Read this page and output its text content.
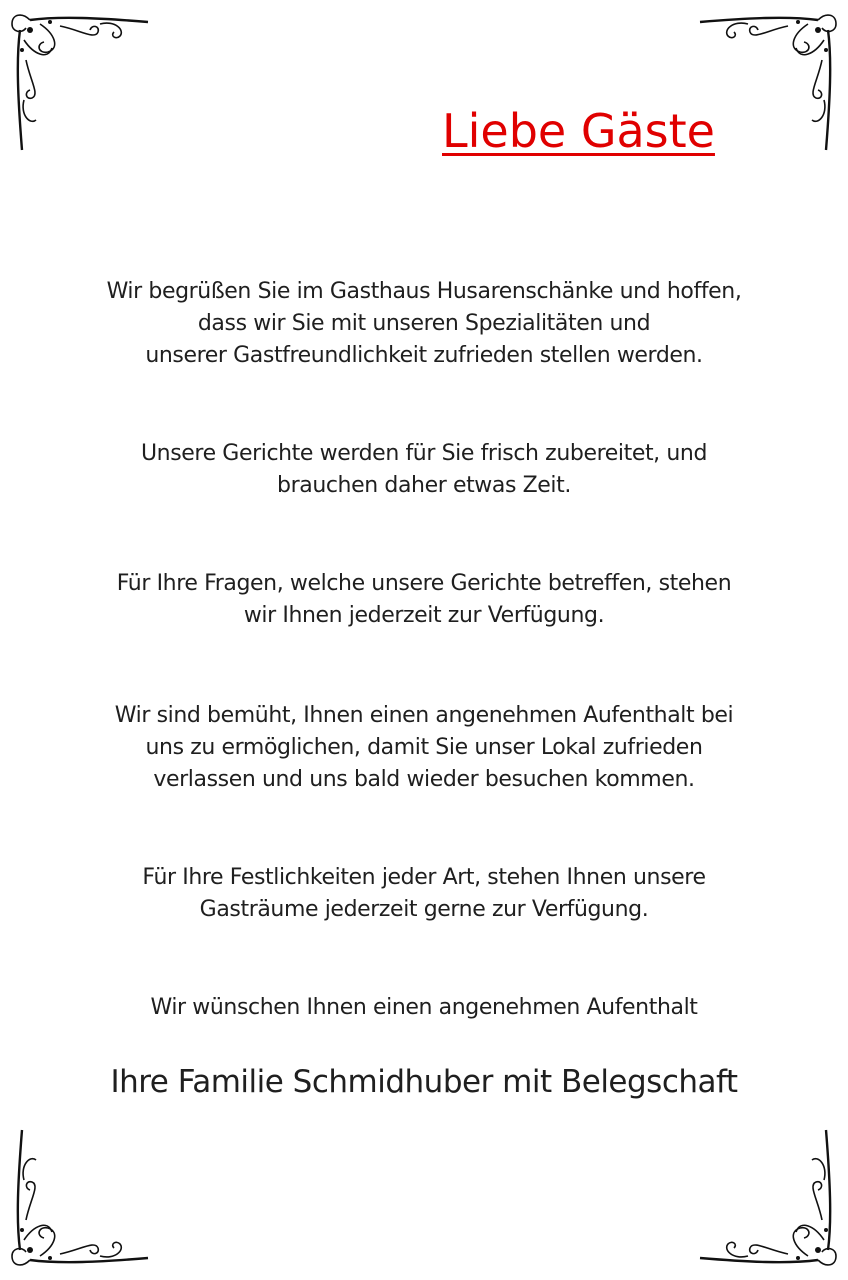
Liebe Gäste

Wir begrüßen Sie im Gasthaus Husarenschänke und hoffen,
dass wir Sie mit unseren Spezialitäten und
unserer Gastfreundlichkeit zufrieden stellen werden.

Unsere Gerichte werden für Sie frisch zubereitet, und
brauchen daher etwas Zeit.

Für Ihre Fragen, welche unsere Gerichte betreffen, stehen
wir Ihnen jederzeit zur Verfügung.

Wir sind bemüht, Ihnen einen angenehmen Aufenthalt bei
uns zu ermöglichen, damit Sie unser Lokal zufrieden
verlassen und uns bald wieder besuchen kommen.

Für Ihre Festlichkeiten jeder Art, stehen Ihnen unsere
Gasträume jederzeit gerne zur Verfügung.

Wir wünschen Ihnen einen angenehmen Aufenthalt

Ihre Familie Schmidhuber mit Belegschaft
